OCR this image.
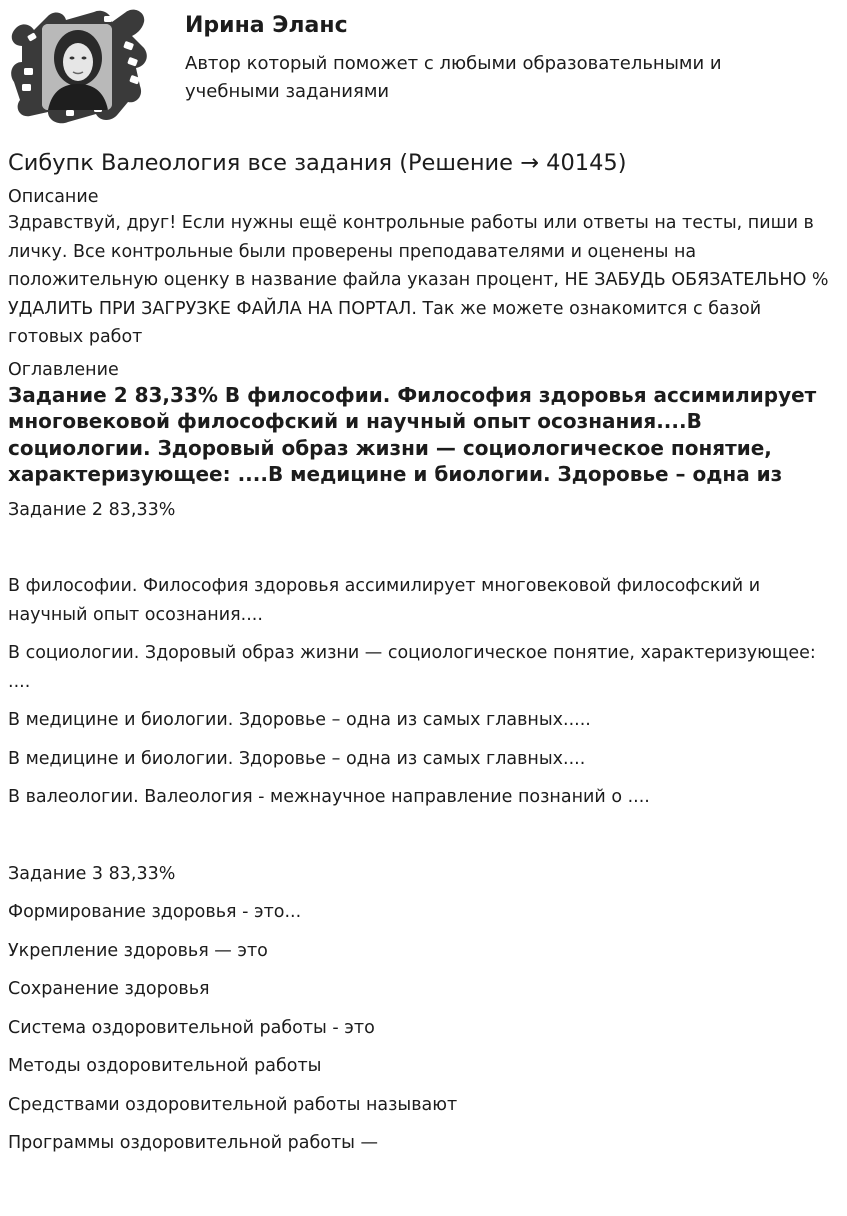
Ирина Эланс
Автор который поможет с любыми образовательными и учебными заданиями
Сибупк Валеология все задания (Решение → 40145)

Описание

Здравствуй, друг! Если нужны ещё контрольные работы или ответы на тесты, пиши в личку. Все контрольные были проверены преподавателями и оценены на положительную оценку в название файла указан процент, НЕ ЗАБУДЬ ОБЯЗАТЕЛЬНО % УДАЛИТЬ ПРИ ЗАГРУЗКЕ ФАЙЛА НА ПОРТАЛ. Так же можете ознакомится с базой готовых работ

Оглавление

Задание 2 83,33% В философии. Философия здоровья ассимилирует многовековой философский и научный опыт осознания....В социологии. Здоровый образ жизни — социологическое понятие, характеризующее: ....В медицине и биологии. Здоровье – одна из

Задание 2 83,33%

В философии. Философия здоровья ассимилирует многовековой философский и научный опыт осознания....

В социологии. Здоровый образ жизни — социологическое понятие, характеризующее: ....

В медицине и биологии. Здоровье – одна из самых главных.....

В медицине и биологии. Здоровье – одна из самых главных....

В валеологии. Валеология - межнаучное направление познаний о ....

Задание 3 83,33%

Формирование здоровья - это...

Укрепление здоровья — это

Сохранение здоровья

Система оздоровительной работы - это

Методы оздоровительной работы

Средствами оздоровительной работы называют

Программы оздоровительной работы —
